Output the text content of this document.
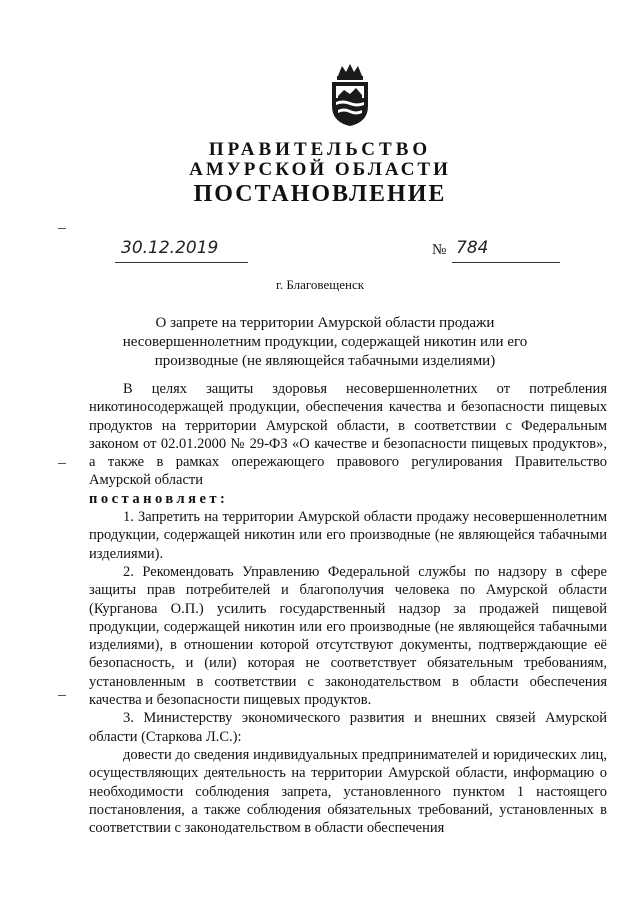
ПРАВИТЕЛЬСТВО
АМУРСКОЙ ОБЛАСТИ
ПОСТАНОВЛЕНИЕ
30.12.2019	№ 784
г. Благовещенск
О запрете на территории Амурской области продажи несовершеннолетним продукции, содержащей никотин или его производные (не являющейся табачными изделиями)

В целях защиты здоровья несовершеннолетних от потребления никотиносодержащей продукции, обеспечения качества и безопасности пищевых продуктов на территории Амурской области, в соответствии с Федеральным законом от 02.01.2000 № 29-ФЗ «О качестве и безопасности пищевых продуктов», а также в рамках опережающего правового регулирования Правительство Амурской области

постановляет:

1. Запретить на территории Амурской области продажу несовершеннолетним продукции, содержащей никотин или его производные (не являющейся табачными изделиями).

2. Рекомендовать Управлению Федеральной службы по надзору в сфере защиты прав потребителей и благополучия человека по Амурской области (Курганова О.П.) усилить государственный надзор за продажей пищевой продукции, содержащей никотин или его производные (не являющейся табачными изделиями), в отношении которой отсутствуют документы, подтверждающие её безопасность, и (или) которая не соответствует обязательным требованиям, установленным в соответствии с законодательством в области обеспечения качества и безопасности пищевых продуктов.

3. Министерству экономического развития и внешних связей Амурской области (Старкова Л.С.):

довести до сведения индивидуальных предпринимателей и юридических лиц, осуществляющих деятельность на территории Амурской области, информацию о необходимости соблюдения запрета, установленного пунктом 1 настоящего постановления, а также соблюдения обязательных требований, установленных в соответствии с законодательством в области обеспечения
